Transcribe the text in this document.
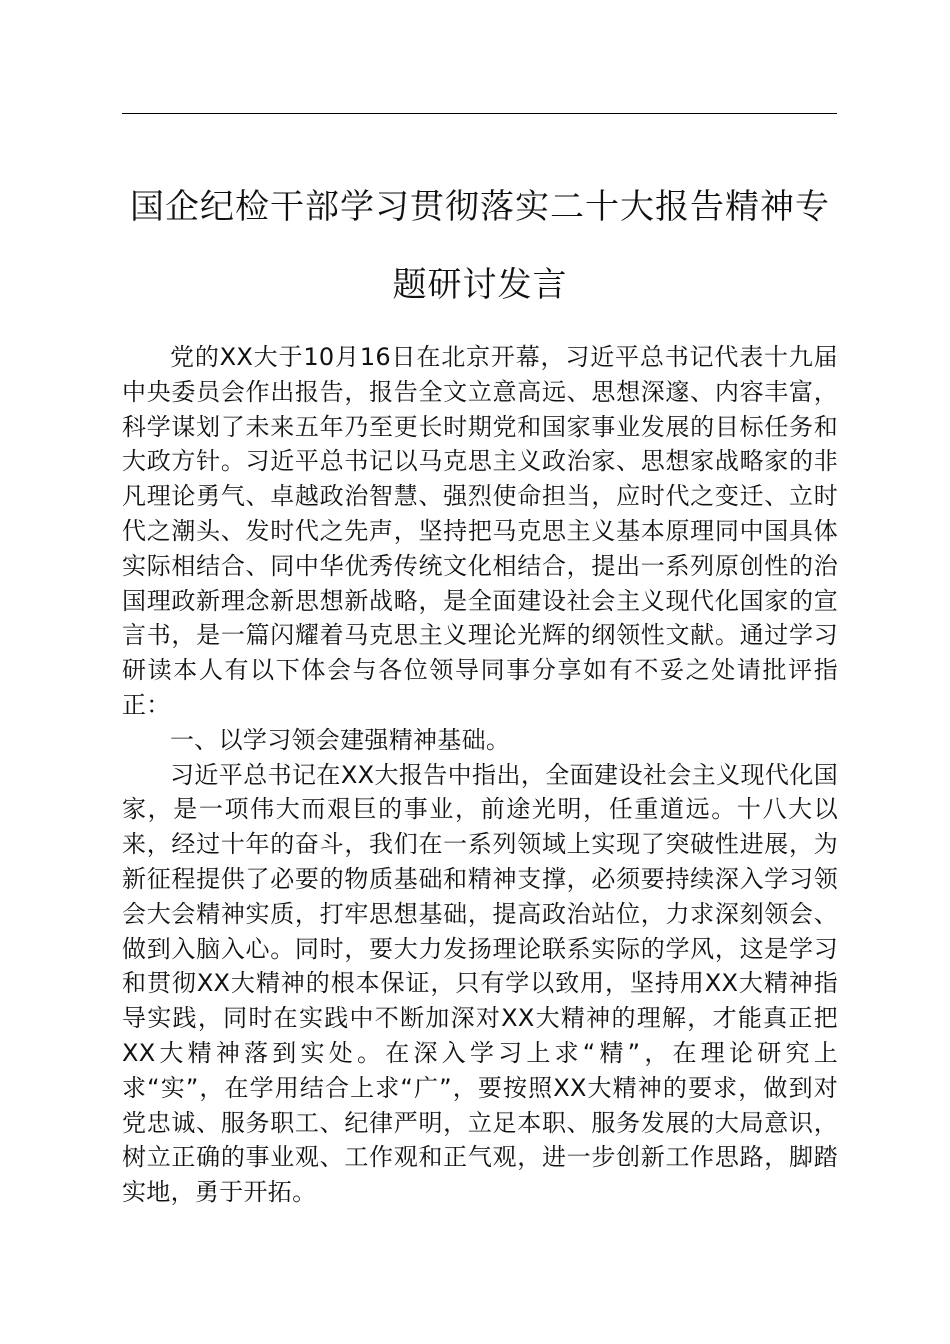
国企纪检干部学习贯彻落实二十大报告精神专题研讨发言

党的XX大于10月16日在北京开幕，习近平总书记代表十九届中央委员会作出报告，报告全文立意高远、思想深邃、内容丰富，科学谋划了未来五年乃至更长时期党和国家事业发展的目标任务和大政方针。习近平总书记以马克思主义政治家、思想家战略家的非凡理论勇气、卓越政治智慧、强烈使命担当，应时代之变迁、立时代之潮头、发时代之先声，坚持把马克思主义基本原理同中国具体实际相结合、同中华优秀传统文化相结合，提出一系列原创性的治国理政新理念新思想新战略，是全面建设社会主义现代化国家的宣言书，是一篇闪耀着马克思主义理论光辉的纲领性文献。通过学习研读本人有以下体会与各位领导同事分享如有不妥之处请批评指正：

一、以学习领会建强精神基础。

习近平总书记在XX大报告中指出，全面建设社会主义现代化国家，是一项伟大而艰巨的事业，前途光明，任重道远。十八大以来，经过十年的奋斗，我们在一系列领域上实现了突破性进展，为新征程提供了必要的物质基础和精神支撑，必须要持续深入学习领会大会精神实质，打牢思想基础，提高政治站位，力求深刻领会、做到入脑入心。同时，要大力发扬理论联系实际的学风，这是学习和贯彻XX大精神的根本保证，只有学以致用，坚持用XX大精神指导实践，同时在实践中不断加深对XX大精神的理解，才能真正把XX大精神落到实处。在深入学习上求“精”，在理论研究上求“实”，在学用结合上求“广”，要按照XX大精神的要求，做到对党忠诚、服务职工、纪律严明，立足本职、服务发展的大局意识，树立正确的事业观、工作观和正气观，进一步创新工作思路，脚踏实地，勇于开拓。
